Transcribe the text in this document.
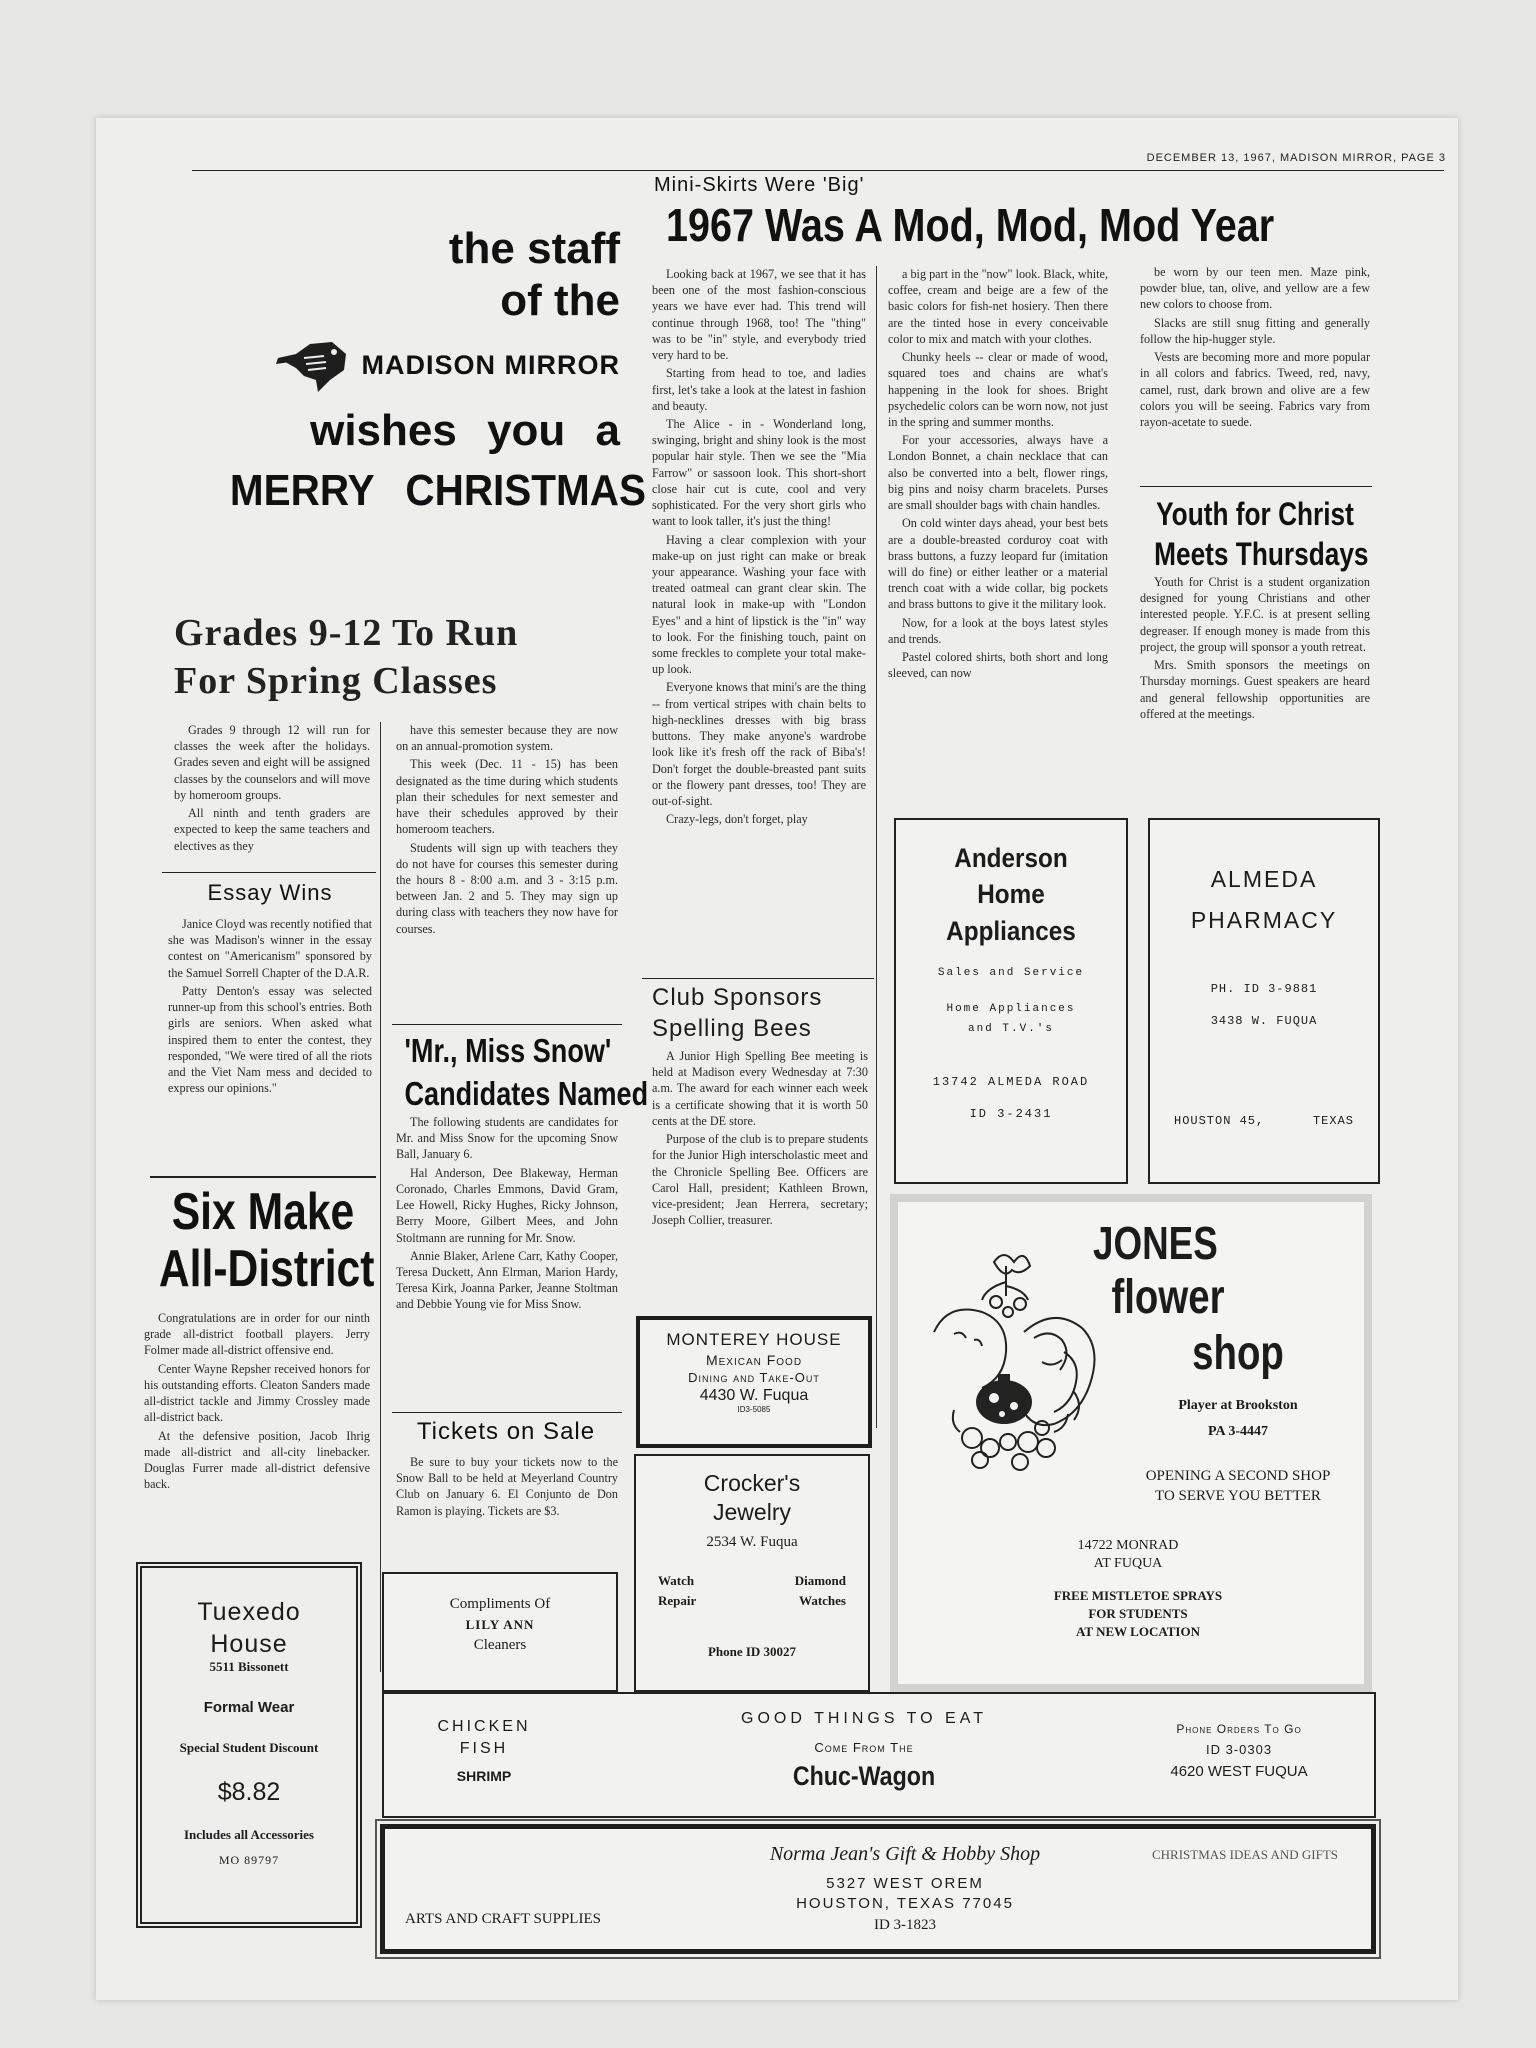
DECEMBER 13, 1967, MADISON MIRROR, PAGE 3
the staff
of the
MADISON MIRROR
wishes you a
MERRY CHRISTMAS
Grades 9-12 To Run
For Spring Classes

Grades 9 through 12 will run for classes the week after the holidays. Grades seven and eight will be assigned classes by the counselors and will move by homeroom groups.

All ninth and tenth graders are expected to keep the same teachers and electives as they

Essay Wins

Janice Cloyd was recently notified that she was Madison's winner in the essay contest on "Americanism" sponsored by the Samuel Sorrell Chapter of the D.A.R.

Patty Denton's essay was selected runner-up from this school's entries. Both girls are seniors. When asked what inspired them to enter the contest, they responded, "We were tired of all the riots and the Viet Nam mess and decided to express our opinions."

Six Make
All-District

Congratulations are in order for our ninth grade all-district football players. Jerry Folmer made all-district offensive end.

Center Wayne Repsher received honors for his outstanding efforts. Cleaton Sanders made all-district tackle and Jimmy Crossley made all-district back.

At the defensive position, Jacob Ihrig made all-district and all-city linebacker. Douglas Furrer made all-district defensive back.

Tuexedo
House
5511 Bissonett
Formal Wear
Special Student Discount
$8.82
Includes all Accessories
MO 89797

have this semester because they are now on an annual-promotion system.

This week (Dec. 11 - 15) has been designated as the time during which students plan their schedules for next semester and have their schedules approved by their homeroom teachers.

Students will sign up with teachers they do not have for courses this semester during the hours 8 - 8:00 a.m. and 3 - 3:15 p.m. between Jan. 2 and 5. They may sign up during class with teachers they now have for courses.

'Mr., Miss Snow'
Candidates Named

The following students are candidates for Mr. and Miss Snow for the upcoming Snow Ball, January 6.

Hal Anderson, Dee Blakeway, Herman Coronado, Charles Emmons, David Gram, Lee Howell, Ricky Hughes, Ricky Johnson, Berry Moore, Gilbert Mees, and John Stoltmann are running for Mr. Snow.

Annie Blaker, Arlene Carr, Kathy Cooper, Teresa Duckett, Ann Elrman, Marion Hardy, Teresa Kirk, Joanna Parker, Jeanne Stoltman and Debbie Young vie for Miss Snow.

Tickets on Sale

Be sure to buy your tickets now to the Snow Ball to be held at Meyerland Country Club on January 6. El Conjunto de Don Ramon is playing. Tickets are $3.

Compliments Of
LILY ANN
Cleaners
Mini-Skirts Were 'Big'
1967 Was A Mod, Mod, Mod Year

Looking back at 1967, we see that it has been one of the most fashion-conscious years we have ever had. This trend will continue through 1968, too! The "thing" was to be "in" style, and everybody tried very hard to be.

Starting from head to toe, and ladies first, let's take a look at the latest in fashion and beauty.

The Alice - in - Wonderland long, swinging, bright and shiny look is the most popular hair style. Then we see the "Mia Farrow" or sassoon look. This short-short close hair cut is cute, cool and very sophisticated. For the very short girls who want to look taller, it's just the thing!

Having a clear complexion with your make-up on just right can make or break your appearance. Washing your face with treated oatmeal can grant clear skin. The natural look in make-up with "London Eyes" and a hint of lipstick is the "in" way to look. For the finishing touch, paint on some freckles to complete your total make-up look.

Everyone knows that mini's are the thing -- from vertical stripes with chain belts to high-necklines dresses with big brass buttons. They make anyone's wardrobe look like it's fresh off the rack of Biba's! Don't forget the double-breasted pant suits or the flowery pant dresses, too! They are out-of-sight.

Crazy-legs, don't forget, play

a big part in the "now" look. Black, white, coffee, cream and beige are a few of the basic colors for fish-net hosiery. Then there are the tinted hose in every conceivable color to mix and match with your clothes.

Chunky heels -- clear or made of wood, squared toes and chains are what's happening in the look for shoes. Bright psychedelic colors can be worn now, not just in the spring and summer months.

For your accessories, always have a London Bonnet, a chain necklace that can also be converted into a belt, flower rings, big pins and noisy charm bracelets. Purses are small shoulder bags with chain handles.

On cold winter days ahead, your best bets are a double-breasted corduroy coat with brass buttons, a fuzzy leopard fur (imitation will do fine) or either leather or a material trench coat with a wide collar, big pockets and brass buttons to give it the military look.

Now, for a look at the boys latest styles and trends.

Pastel colored shirts, both short and long sleeved, can now

be worn by our teen men. Maze pink, powder blue, tan, olive, and yellow are a few new colors to choose from.

Slacks are still snug fitting and generally follow the hip-hugger style.

Vests are becoming more and more popular in all colors and fabrics. Tweed, red, navy, camel, rust, dark brown and olive are a few colors you will be seeing. Fabrics vary from rayon-acetate to suede.

Youth for Christ
Meets Thursdays

Youth for Christ is a student organization designed for young Christians and other interested people. Y.F.C. is at present selling degreaser. If enough money is made from this project, the group will sponsor a youth retreat.

Mrs. Smith sponsors the meetings on Thursday mornings. Guest speakers are heard and general fellowship opportunities are offered at the meetings.

Club Sponsors
Spelling Bees

A Junior High Spelling Bee meeting is held at Madison every Wednesday at 7:30 a.m. The award for each winner each week is a certificate showing that it is worth 50 cents at the DE store.

Purpose of the club is to prepare students for the Junior High interscholastic meet and the Chronicle Spelling Bee. Officers are Carol Hall, president; Kathleen Brown, vice-president; Jean Herrera, secretary; Joseph Collier, treasurer.

MONTEREY HOUSE
Mexican Food
Dining and Take-Out
4430 W. Fuqua
ID3-5085
Crocker's
Jewelry
2534 W. Fuqua
Watch
Repair
Diamond
Watches
Phone ID 30027
Anderson
Home
Appliances
Sales and Service
Home Appliances
and T.V.'s
13742 ALMEDA ROAD
ID 3-2431
ALMEDA
PHARMACY
PH. ID 3-9881
3438 W. FUQUA
HOUSTON 45,	TEXAS
JONES
flower
shop
Player at Brookston
PA 3-4447
OPENING A SECOND SHOP
TO SERVE YOU BETTER
14722 MONRAD
AT FUQUA
FREE MISTLETOE SPRAYS
FOR STUDENTS
AT NEW LOCATION
CHICKEN
FISH
SHRIMP
GOOD THINGS TO EAT
Come From The
Chuc-Wagon
Phone Orders To Go
ID 3-0303
4620 WEST FUQUA
Norma Jean's Gift & Hobby Shop	CHRISTMAS IDEAS AND GIFTS
5327 WEST OREM
HOUSTON, TEXAS 77045
ID 3-1823
ARTS AND CRAFT SUPPLIES
